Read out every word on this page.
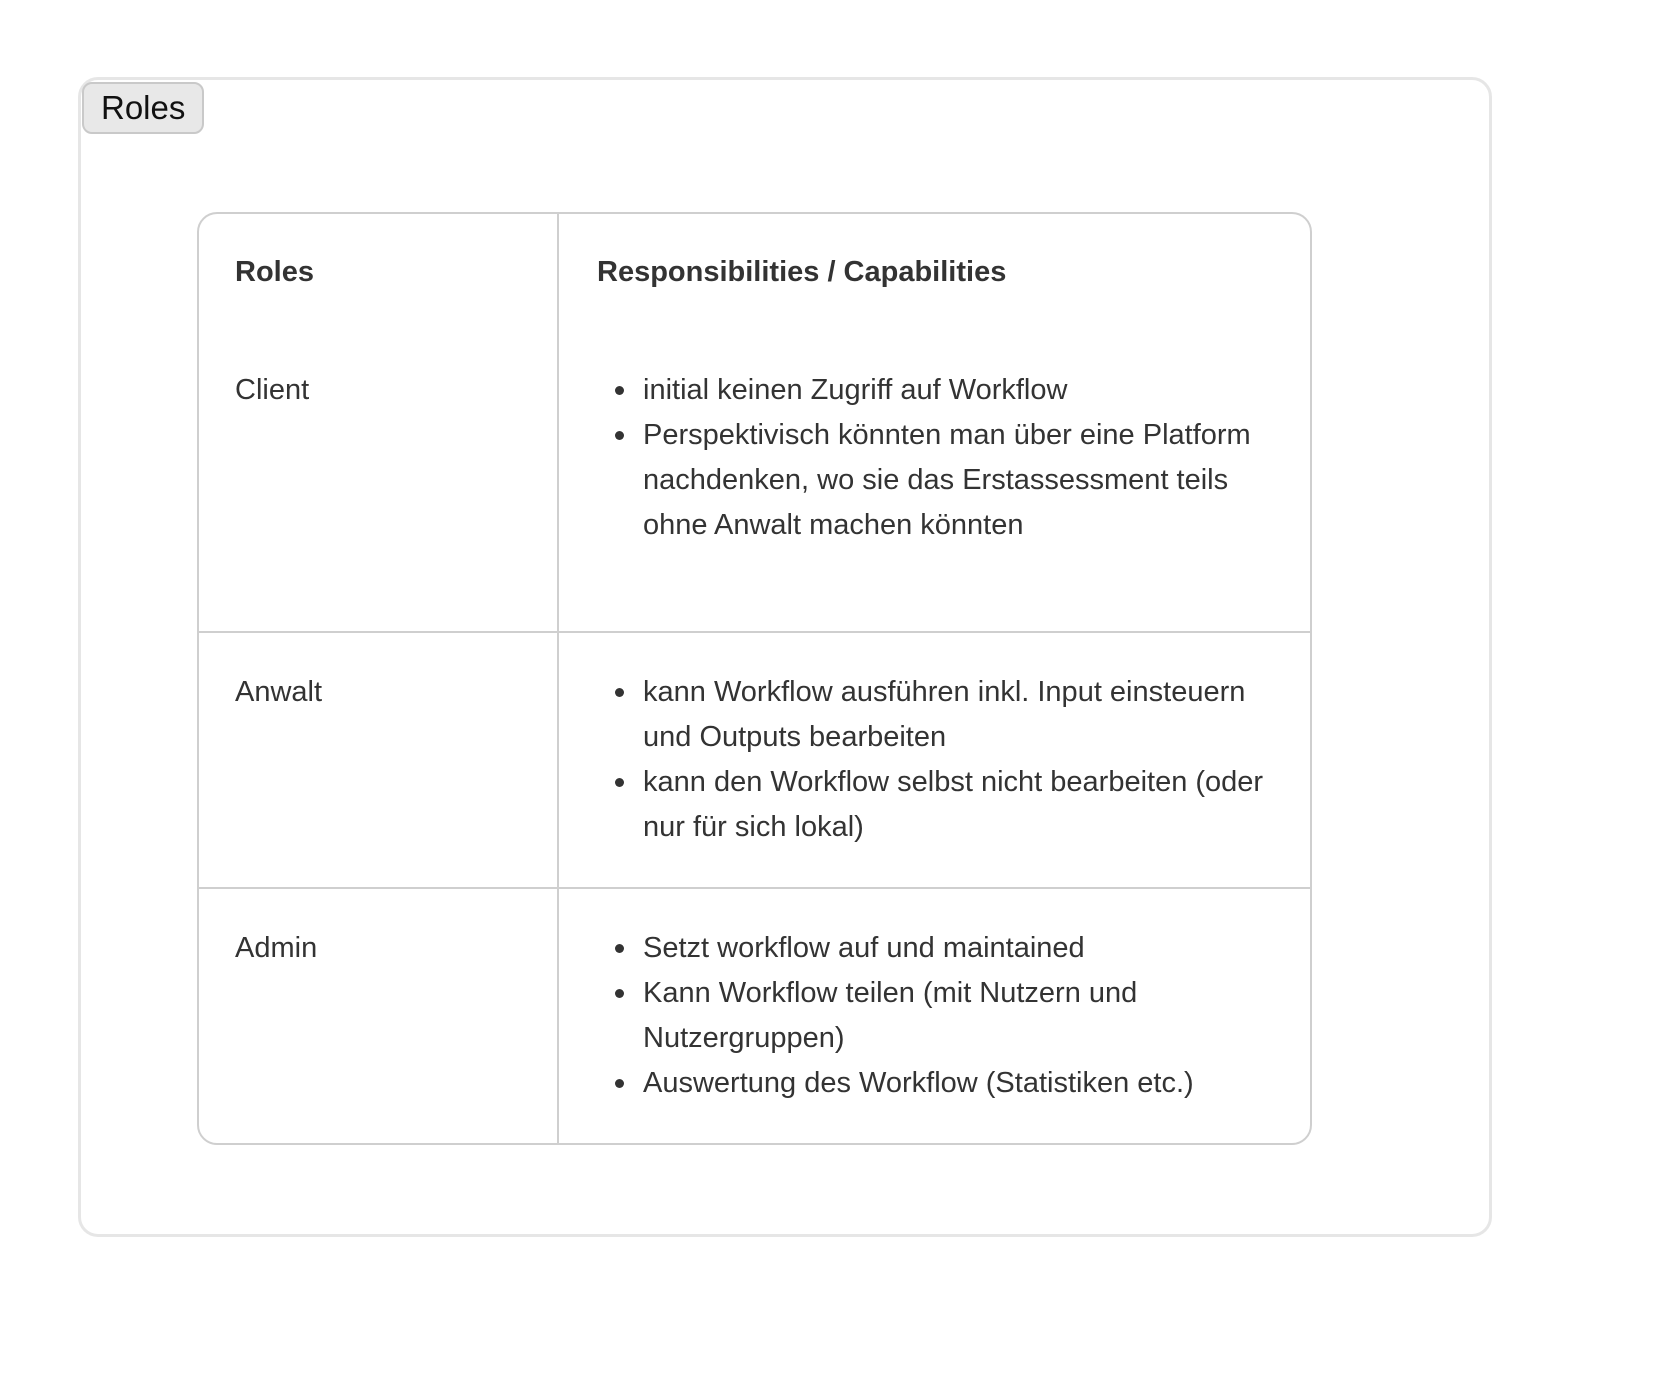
Roles
Roles	Responsibilities / Capabilities
Client	initial keinen Zugriff auf Workflow
Perspektivisch könnten man über eine Platform nachdenken, wo sie das Erstassessment teils ohne Anwalt machen könnten

Anwalt	kann Workflow ausführen inkl. Input einsteuern und Outputs bearbeiten
kann den Workflow selbst nicht bearbeiten (oder nur für sich lokal)

Admin	Setzt workflow auf und maintained
Kann Workflow teilen (mit Nutzern und Nutzergruppen)
Auswertung des Workflow (Statistiken etc.)
